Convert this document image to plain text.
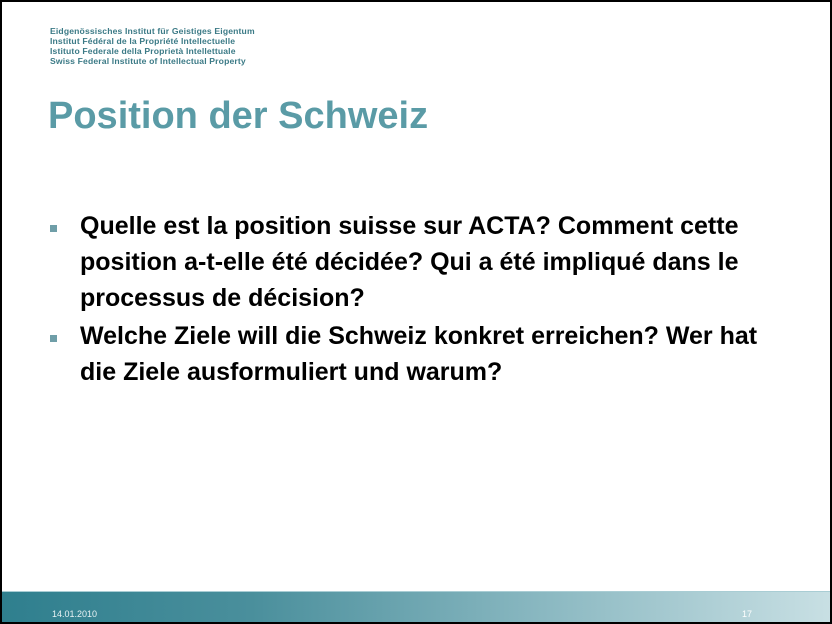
Eidgenössisches Institut für Geistiges Eigentum
Institut Fédéral de la Propriété Intellectuelle
Istituto Federale della Proprietà Intellettuale
Swiss Federal Institute of Intellectual Property
Position der Schweiz
Quelle est la position suisse sur ACTA? Comment cette position a-t-elle été décidée? Qui a été impliqué dans le processus de décision?
Welche Ziele will die Schweiz konkret erreichen? Wer hat die Ziele ausformuliert und warum?
14.01.2010	17
